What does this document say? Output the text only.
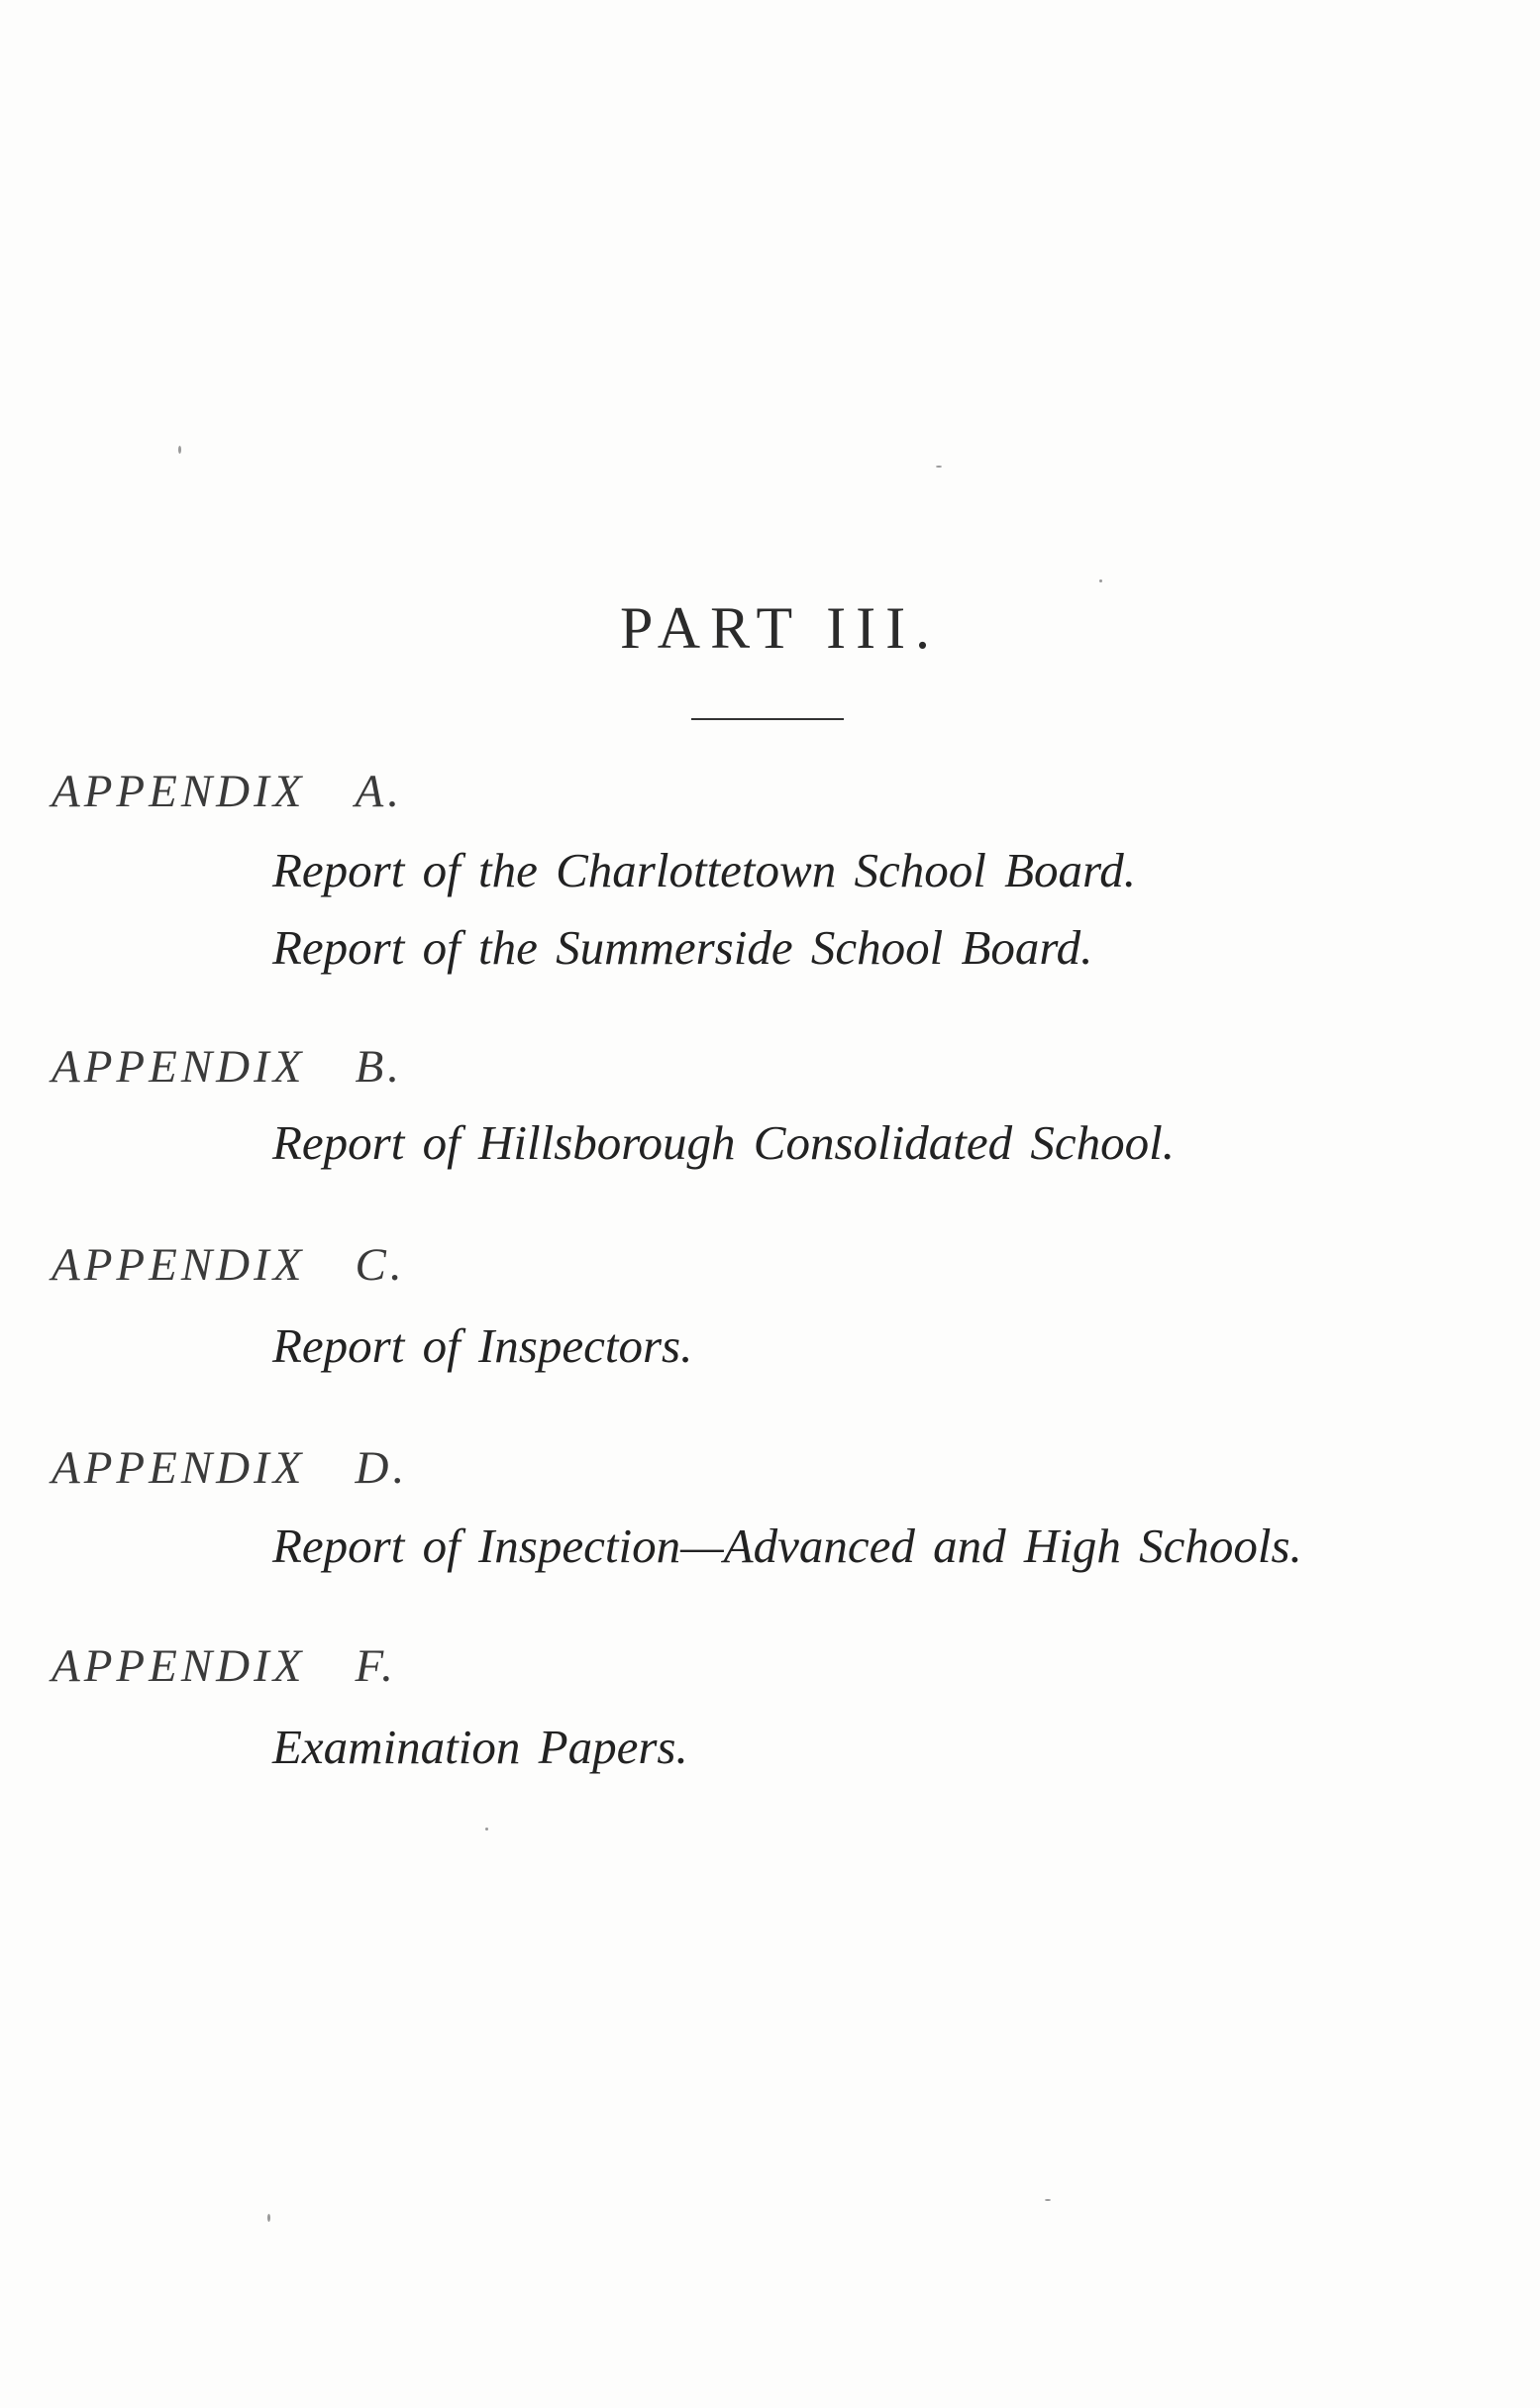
PART III.
APPENDIX A.
Report of the Charlottetown School Board.
Report of the Summerside School Board.
APPENDIX B.
Report of Hillsborough Consolidated School.
APPENDIX C.
Report of Inspectors.
APPENDIX D.
Report of Inspection—Advanced and High Schools.
APPENDIX F.
Examination Papers.
